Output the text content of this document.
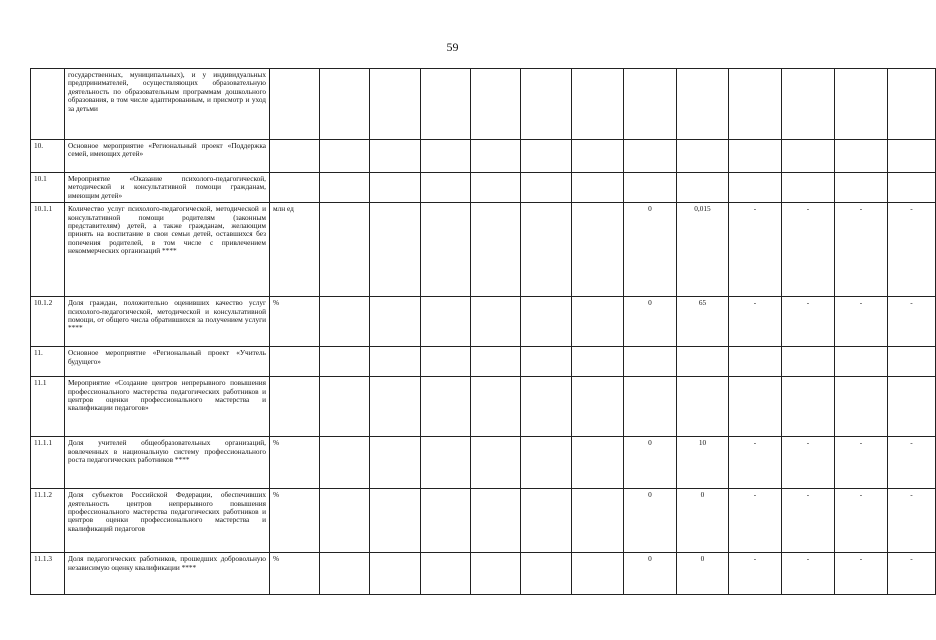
59
	государственных, муниципальных), и у индивидуальных предпринимателей, осуществляющих образовательную деятельность по образовательным программам дошкольного образования, в том числе адаптированным, и присмотр и уход за детьми													
10.	Основное мероприятие «Региональный проект «Поддержка семей, имеющих детей»													
10.1	Мероприятие «Оказание психолого-педагогической, методической и консультативной помощи гражданам, имеющим детей»													
10.1.1	Количество услуг психолого-педагогической, методической и консультативной помощи родителям (законным представителям) детей, а также гражданам, желающим принять на воспитание в свои семьи детей, оставшихся без попечения родителей, в том числе с привлечением некоммерческих организаций ****	млн ед							0	0,015	-	-	-	-
10.1.2	Доля граждан, положительно оценивших качество услуг психолого-педагогической, методической и консультативной помощи, от общего числа обратившихся за получением услуги ****	%							0	65	-	-	-	-
11.	Основное мероприятие «Региональный проект «Учитель будущего»													
11.1	Мероприятие «Создание центров непрерывного повышения профессионального мастерства педагогических работников и центров оценки профессионального мастерства и квалификации педагогов»													
11.1.1	Доля учителей общеобразовательных организаций, вовлеченных в национальную систему профессионального роста педагогических работников ****	%							0	10	-	-	-	-
11.1.2	Доля субъектов Российской Федерации, обеспечивших деятельность центров непрерывного повышения профессионального мастерства педагогических работников и центров оценки профессионального мастерства и квалификаций педагогов	%							0	0	-	-	-	-
11.1.3	Доля педагогических работников, прошедших добровольную независимую оценку квалификации ****	%							0	0	-	-	-	-
